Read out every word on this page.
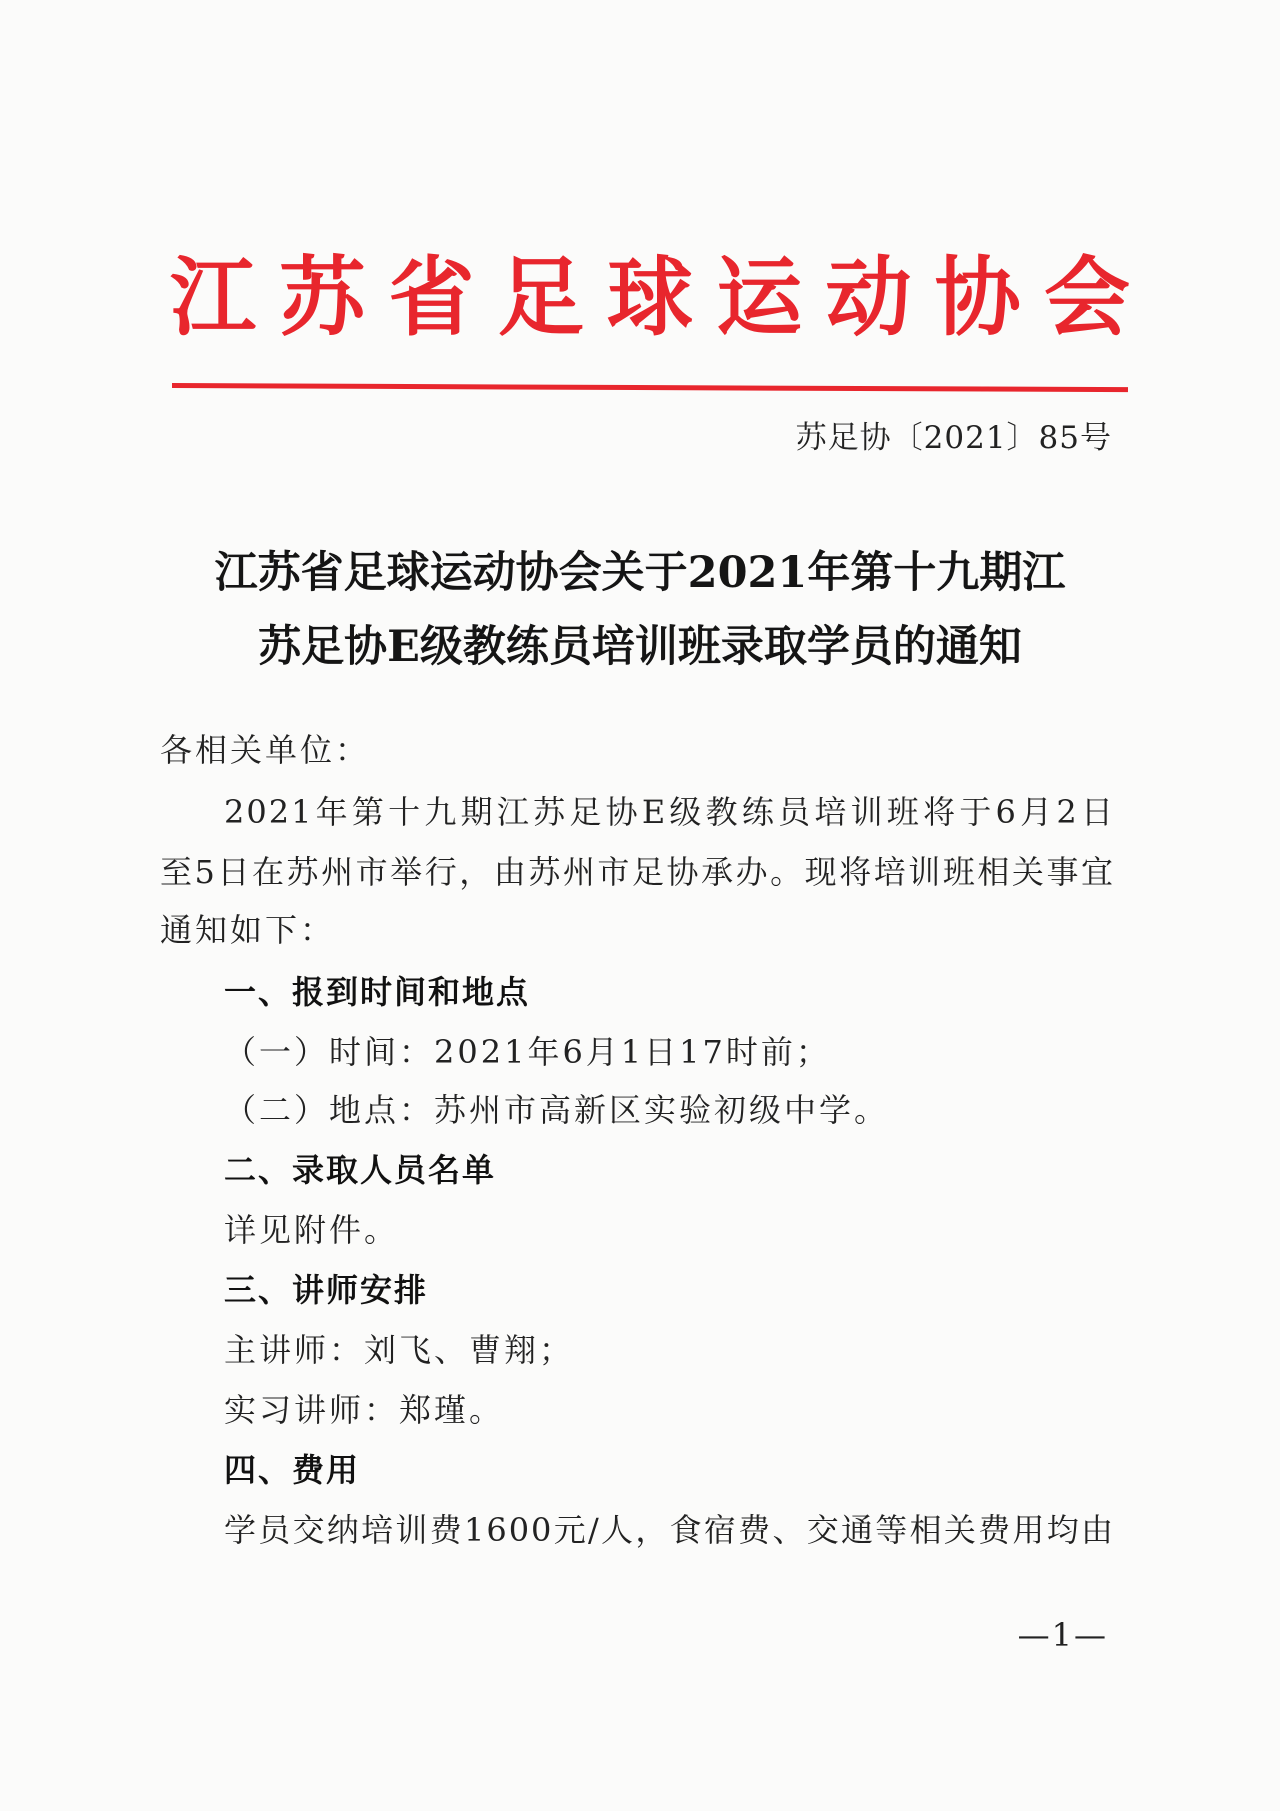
江 苏 省 足 球 运 动 协 会
苏足协〔2021〕85号
江苏省足球运动协会关于2021年第十九期江
苏足协E级教练员培训班录取学员的通知
各相关单位：
2021年第十九期江苏足协E级教练员培训班将于6月2日
至5日在苏州市举行，由苏州市足协承办。现将培训班相关事宜
通知如下：
一、报到时间和地点
（一）时间：2021年6月1日17时前；
（二）地点：苏州市高新区实验初级中学。
二、录取人员名单
详见附件。
三、讲师安排
主讲师：刘飞、曹翔；
实习讲师：郑瑾。
四、费用
学员交纳培训费1600元/人，食宿费、交通等相关费用均由
—1—
